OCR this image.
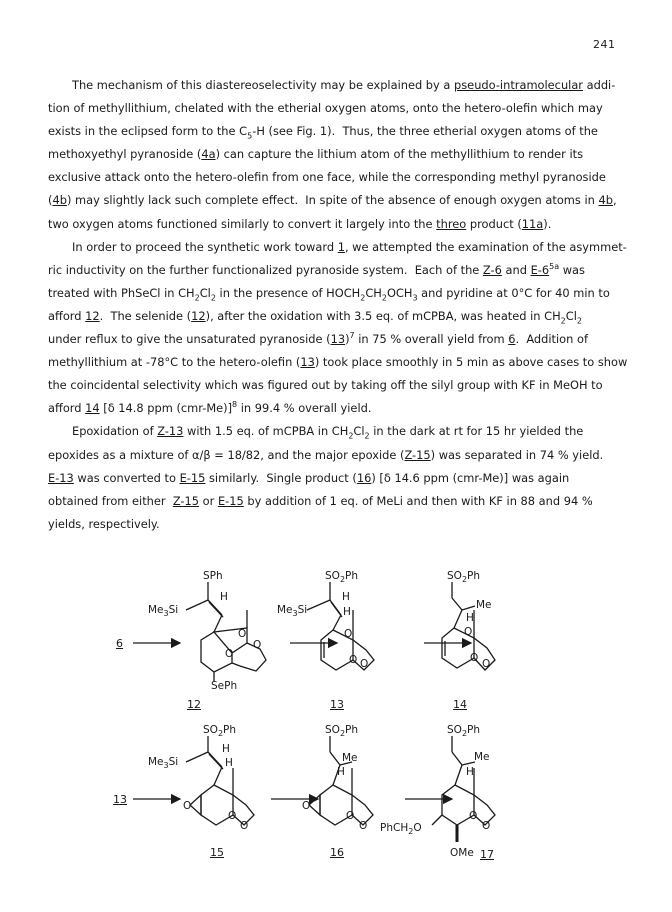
241
The mechanism of this diastereoselectivity may be explained by a pseudo-intramolecular addi-
tion of methyllithium, chelated with the etherial oxygen atoms, onto the hetero-olefin which may
exists in the eclipsed form to the $C_5-H$ (see Fig. 1).  Thus, the three etherial oxygen atoms of the
methoxyethyl pyranoside (4a) can capture the lithium atom of the methyllithium to render its
exclusive attack onto the hetero-olefin from one face, while the corresponding methyl pyranoside
(4b) may slightly lack such complete effect.  In spite of the absence of enough oxygen atoms in 4b,
two oxygen atoms functioned similarly to convert it largely into the threo product (11a).
In order to proceed the synthetic work toward 1, we attempted the examination of the asymmet-
ric inductivity on the further functionalized pyranoside system.  Each of the Z-6 and $E-6^{5a}$ was
treated with PhSeCl in $CH_2Cl_2$ in the presence of $HOCH_2CH_2OCH_3$ and pyridine at 0°C for 40 min to
afford 12.  The selenide (12), after the oxidation with 3.5 eq. of mCPBA, was heated in $CH_2Cl_2$
under reflux to give the unsaturated pyranoside $(13)^7$ in 75 % overall yield from 6.  Addition of
methyllithium at -78°C to the hetero-olefin (13) took place smoothly in 5 min as above cases to show
the coincidental selectivity which was figured out by taking off the silyl group with KF in MeOH to
afford 14 [δ 14.8 ppm (cmr-Me)]$^8$ in 99.4 % overall yield.
Epoxidation of Z-13 with 1.5 eq. of mCPBA in $CH_2Cl_2$ in the dark at rt for 15 hr yielded the
epoxides as a mixture of α/β = 18/82, and the major epoxide (Z-15) was separated in 74 % yield.
E-13 was converted to E-15 similarly.  Single product (16) [δ 14.6 ppm (cmr-Me)] was again
obtained from either  Z-15 or E-15 by addition of 1 eq. of MeLi and then with KF in 88 and 94 %
yields, respectively.
6
SPh
$Me_3Si$
H
O
O
O
SePh
12
$SO_2Ph$
$Me_3Si$
H
H
O
O O
13
$SO_2Ph$
Me
H
O
O O
14
13
$SO_2Ph$
$Me_3Si$
H
H
O
O
O
15
$SO_2Ph$
Me
H
O
O
O
16
$SO_2Ph$
Me
H
PhCH$_2$O
O
O
OMe 17
